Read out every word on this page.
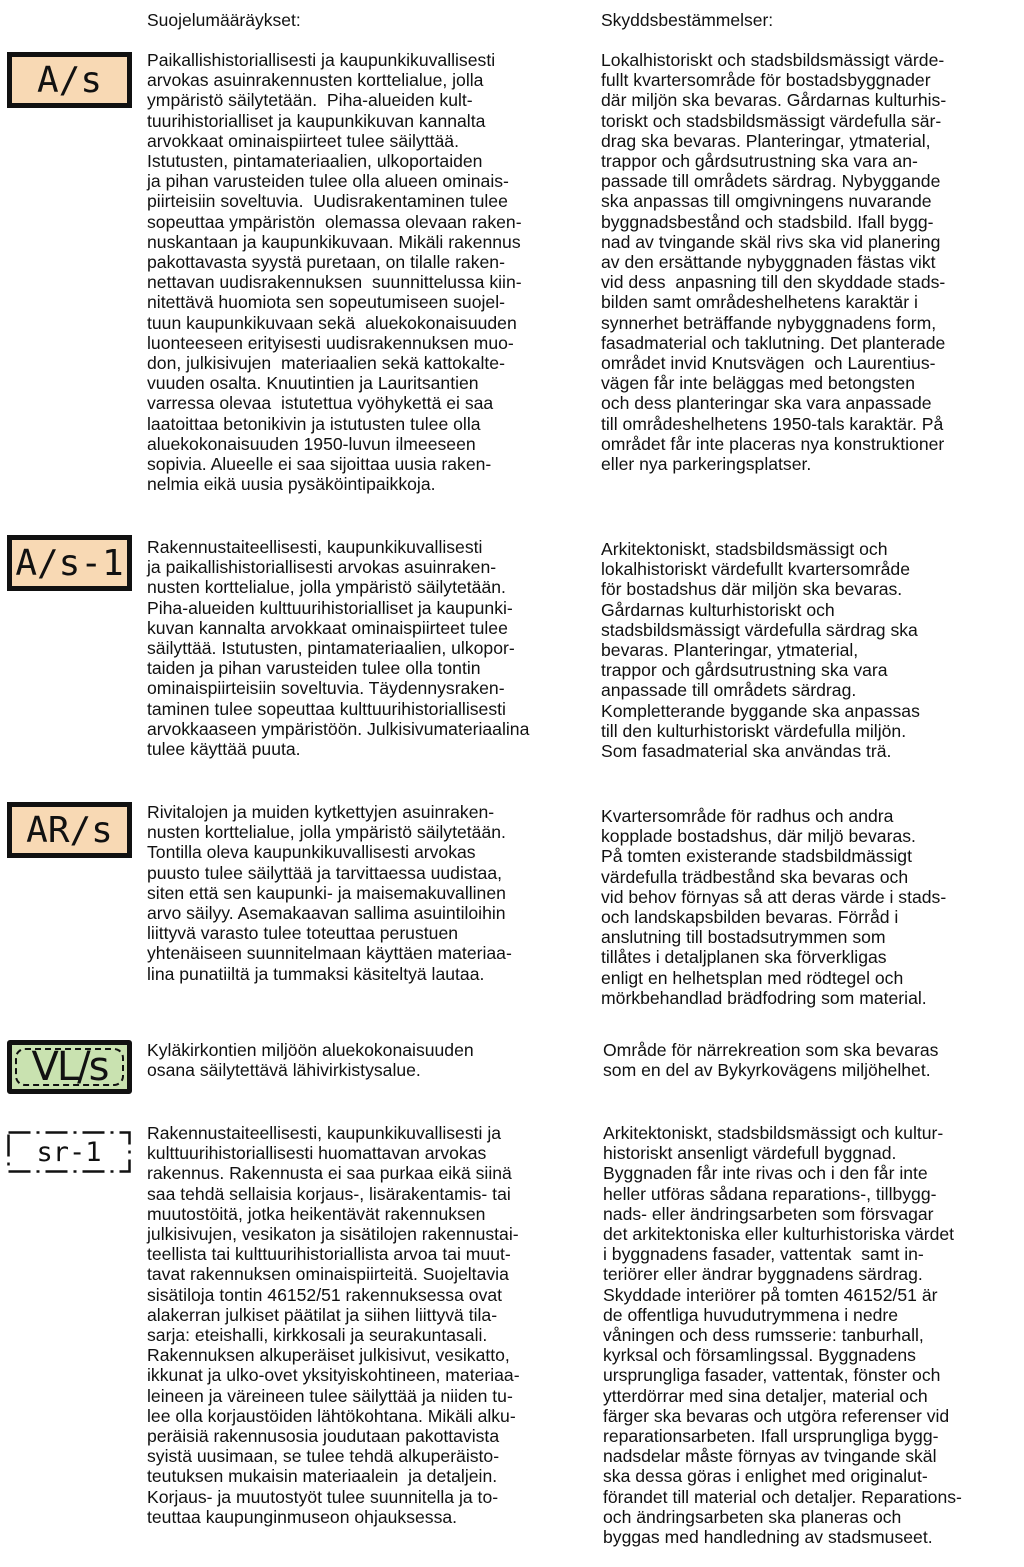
Suojelumääräykset:	Skyddsbestämmelser:
A/s	Paikallishistoriallisesti ja kaupunkikuvallisesti
arvokas asuinrakennusten korttelialue, jolla
ympäristö säilytetään.  Piha-alueiden kult-
tuurihistorialliset ja kaupunkikuvan kannalta
arvokkaat ominaispiirteet tulee säilyttää.
Istutusten, pintamateriaalien, ulkoportaiden
ja pihan varusteiden tulee olla alueen ominais-
piirteisiin soveltuvia.  Uudisrakentaminen tulee
sopeuttaa ympäristön  olemassa olevaan raken-
nuskantaan ja kaupunkikuvaan. Mikäli rakennus
pakottavasta syystä puretaan, on tilalle raken-
nettavan uudisrakennuksen  suunnittelussa kiin-
nitettävä huomiota sen sopeutumiseen suojel-
tuun kaupunkikuvaan sekä  aluekokonaisuuden
luonteeseen erityisesti uudisrakennuksen muo-
don, julkisivujen  materiaalien sekä kattokalte-
vuuden osalta. Knuutintien ja Lauritsantien
varressa olevaa  istutettua vyöhykettä ei saa
laatoittaa betonikivin ja istutusten tulee olla
aluekokonaisuuden 1950-luvun ilmeeseen
sopivia. Alueelle ei saa sijoittaa uusia raken-
nelmia eikä uusia pysäköintipaikkoja.

Lokalhistoriskt och stadsbildsmässigt värde-
fullt kvartersområde för bostadsbyggnader
där miljön ska bevaras. Gårdarnas kulturhis-
toriskt och stadsbildsmässigt värdefulla sär-
drag ska bevaras. Planteringar, ytmaterial,
trappor och gårdsutrustning ska vara an-
passade till områdets särdrag. Nybyggande
ska anpassas till omgivningens nuvarande
byggnadsbestånd och stadsbild. Ifall bygg-
nad av tvingande skäl rivs ska vid planering
av den ersättande nybyggnaden fästas vikt
vid dess  anpasning till den skyddade stads-
bilden samt områdeshelhetens karaktär i
synnerhet beträffande nybyggnadens form,
fasadmaterial och taklutning. Det planterade
området invid Knutsvägen  och Laurentius-
vägen får inte beläggas med betongsten
och dess planteringar ska vara anpassade
till områdeshelhetens 1950-tals karaktär. På
området får inte placeras nya konstruktioner
eller nya parkeringsplatser.

A/s-1 Rakennustaiteellisesti, kaupunkikuvallisesti
ja paikallishistoriallisesti arvokas asuinraken-
nusten korttelialue, jolla ympäristö säilytetään.
Piha-alueiden kulttuurihistorialliset ja kaupunki-
kuvan kannalta arvokkaat ominaispiirteet tulee
säilyttää. Istutusten, pintamateriaalien, ulkopor-
taiden ja pihan varusteiden tulee olla tontin
ominaispiirteisiin soveltuvia. Täydennysraken-
taminen tulee sopeuttaa kulttuurihistoriallisesti
arvokkaaseen ympäristöön. Julkisivumateriaalina
tulee käyttää puuta.

Arkitektoniskt, stadsbildsmässigt och
lokalhistoriskt värdefullt kvartersområde
för bostadshus där miljön ska bevaras.
Gårdarnas kulturhistoriskt och
stadsbildsmässigt värdefulla särdrag ska
bevaras. Planteringar, ytmaterial,
trappor och gårdsutrustning ska vara
anpassade till områdets särdrag.
Kompletterande byggande ska anpassas
till den kulturhistoriskt värdefulla miljön.
Som fasadmaterial ska användas trä.

AR/s Rivitalojen ja muiden kytkettyjen asuinraken-
nusten korttelialue, jolla ympäristö säilytetään.
Tontilla oleva kaupunkikuvallisesti arvokas
puusto tulee säilyttää ja tarvittaessa uudistaa,
siten että sen kaupunki- ja maisemakuvallinen
arvo säilyy. Asemakaavan sallima asuintiloihin
liittyvä varasto tulee toteuttaa perustuen
yhtenäiseen suunnitelmaan käyttäen materiaa-
lina punatiiltä ja tummaksi käsiteltyä lautaa.

Kvartersområde för radhus och andra
kopplade bostadshus, där miljö bevaras.
På tomten existerande stadsbildmässigt
värdefulla trädbestånd ska bevaras och
vid behov förnyas så att deras värde i stads-
och landskapsbilden bevaras. Förråd i
anslutning till bostadsutrymmen som
tillåtes i detaljplanen ska förverkligas
enligt en helhetsplan med rödtegel och
mörkbehandlad brädfodring som material.

VL/s Kyläkirkontien miljöön aluekokonaisuuden
osana säilytettävä lähivirkistysalue.

Område för närrekreation som ska bevaras
som en del av Bykyrkovägens miljöhelhet.

sr-1

Rakennustaiteellisesti, kaupunkikuvallisesti ja
kulttuurihistoriallisesti huomattavan arvokas
rakennus. Rakennusta ei saa purkaa eikä siinä
saa tehdä sellaisia korjaus-, lisärakentamis- tai
muutostöitä, jotka heikentävät rakennuksen
julkisivujen, vesikaton ja sisätilojen rakennustai-
teellista tai kulttuurihistoriallista arvoa tai muut-
tavat rakennuksen ominaispiirteitä. Suojeltavia
sisätiloja tontin 46152/51 rakennuksessa ovat
alakerran julkiset päätilat ja siihen liittyvä tila-
sarja: eteishalli, kirkkosali ja seurakuntasali.
Rakennuksen alkuperäiset julkisivut, vesikatto,
ikkunat ja ulko-ovet yksityiskohtineen, materiaa-
leineen ja väreineen tulee säilyttää ja niiden tu-
lee olla korjaustöiden lähtökohtana. Mikäli alku-
peräisiä rakennusosia joudutaan pakottavista
syistä uusimaan, se tulee tehdä alkuperäisto-
teutuksen mukaisin materiaalein  ja detaljein.
Korjaus- ja muutostyöt tulee suunnitella ja to-
teuttaa kaupunginmuseon ohjauksessa.

Arkitektoniskt, stadsbildsmässigt och kultur-
historiskt ansenligt värdefull byggnad.
Byggnaden får inte rivas och i den får inte
heller utföras sådana reparations-, tillbygg-
nads- eller ändringsarbeten som försvagar
det arkitektoniska eller kulturhistoriska värdet
i byggnadens fasader, vattentak  samt in-
teriörer eller ändrar byggnadens särdrag.
Skyddade interiörer på tomten 46152/51 är
de offentliga huvudutrymmena i nedre
våningen och dess rumsserie: tanburhall,
kyrksal och församlingssal. Byggnadens
ursprungliga fasader, vattentak, fönster och
ytterdörrar med sina detaljer, material och
färger ska bevaras och utgöra referenser vid
reparationsarbeten. Ifall ursprungliga bygg-
nadsdelar måste förnyas av tvingande skäl
ska dessa göras i enlighet med originalut-
förandet till material och detaljer. Reparations-
och ändringsarbeten ska planeras och
byggas med handledning av stadsmuseet.
